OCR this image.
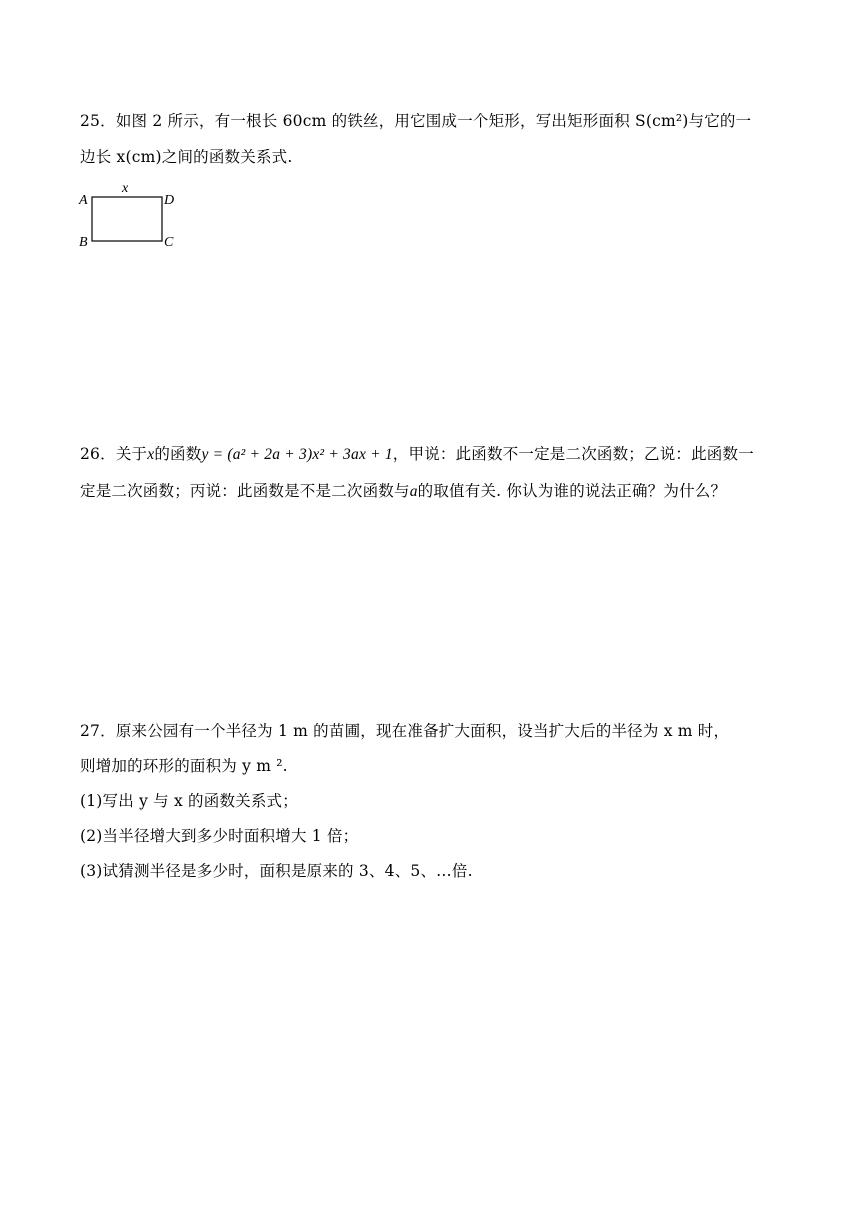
25．如图 2 所示，有一根长 60cm 的铁丝，用它围成一个矩形，写出矩形面积 S(cm²)与它的一
边长 x(cm)之间的函数关系式.
x
A	D
B	C
26．关于x的函数y = (a² + 2a + 3)x² + 3ax + 1，甲说：此函数不一定是二次函数；乙说：此函数一
定是二次函数；丙说：此函数是不是二次函数与a的取值有关. 你认为谁的说法正确？为什么？
27．原来公园有一个半径为 1 m 的苗圃，现在准备扩大面积，设当扩大后的半径为 x m 时，
则增加的环形的面积为 y m ².
(1)写出 y 与 x 的函数关系式；
(2)当半径增大到多少时面积增大 1 倍；
(3)试猜测半径是多少时，面积是原来的 3、4、5、…倍.
